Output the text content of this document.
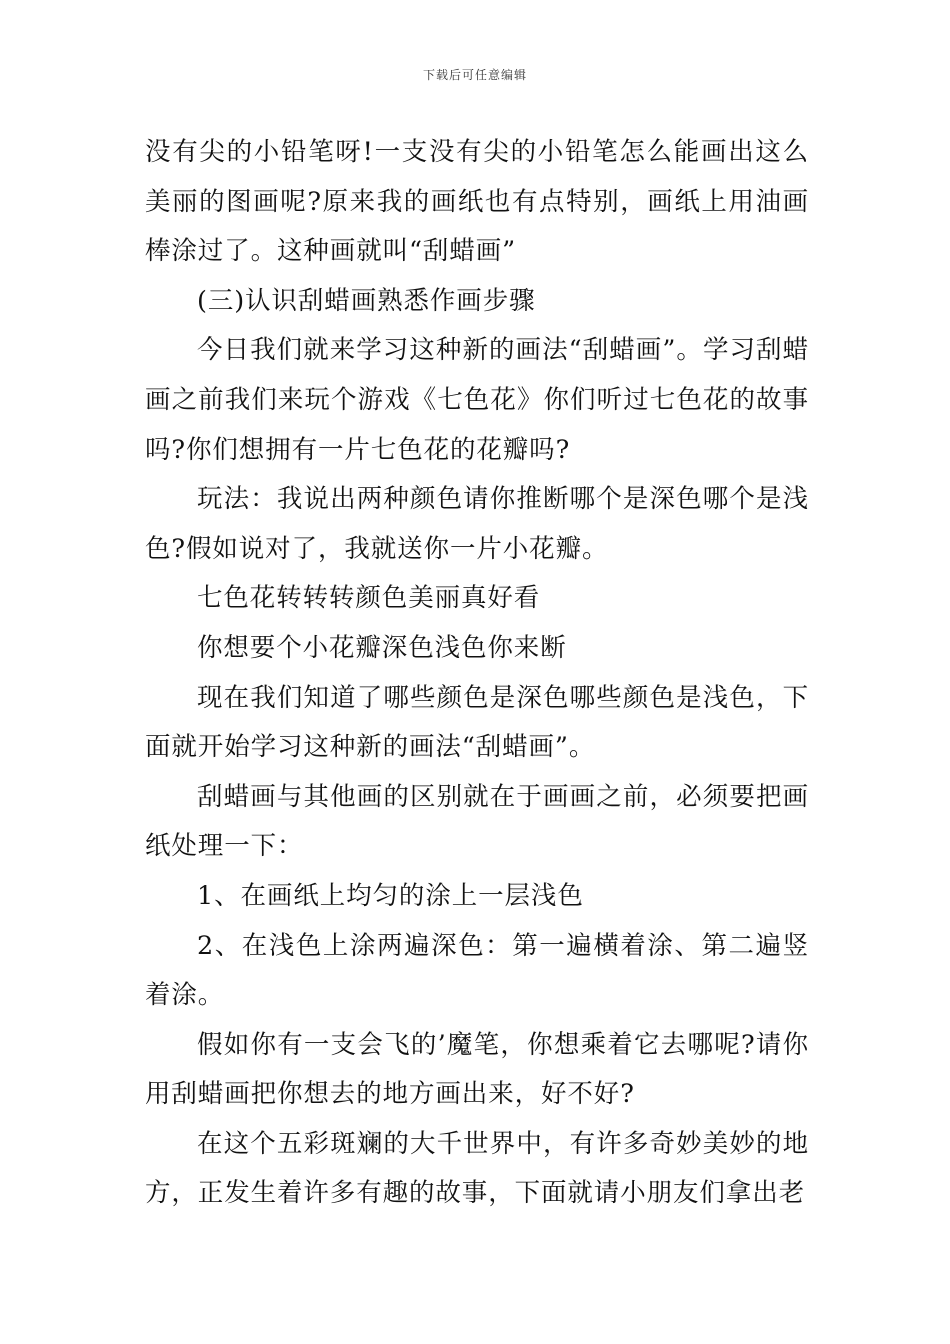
下载后可任意编辑

没有尖的小铅笔呀!一支没有尖的小铅笔怎么能画出这么美丽的图画呢?原来我的画纸也有点特别，画纸上用油画棒涂过了。这种画就叫“刮蜡画”

(三)认识刮蜡画熟悉作画步骤

今日我们就来学习这种新的画法“刮蜡画”。学习刮蜡画之前我们来玩个游戏《七色花》你们听过七色花的故事吗?你们想拥有一片七色花的花瓣吗?

玩法：我说出两种颜色请你推断哪个是深色哪个是浅色?假如说对了，我就送你一片小花瓣。

七色花转转转颜色美丽真好看

你想要个小花瓣深色浅色你来断

现在我们知道了哪些颜色是深色哪些颜色是浅色，下面就开始学习这种新的画法“刮蜡画”。

刮蜡画与其他画的区别就在于画画之前，必须要把画纸处理一下：

1、在画纸上均匀的涂上一层浅色

2、在浅色上涂两遍深色：第一遍横着涂、第二遍竖着涂。

假如你有一支会飞的’魔笔，你想乘着它去哪呢?请你用刮蜡画把你想去的地方画出来，好不好?

在这个五彩斑斓的大千世界中，有许多奇妙美妙的地方，正发生着许多有趣的故事，下面就请小朋友们拿出老
